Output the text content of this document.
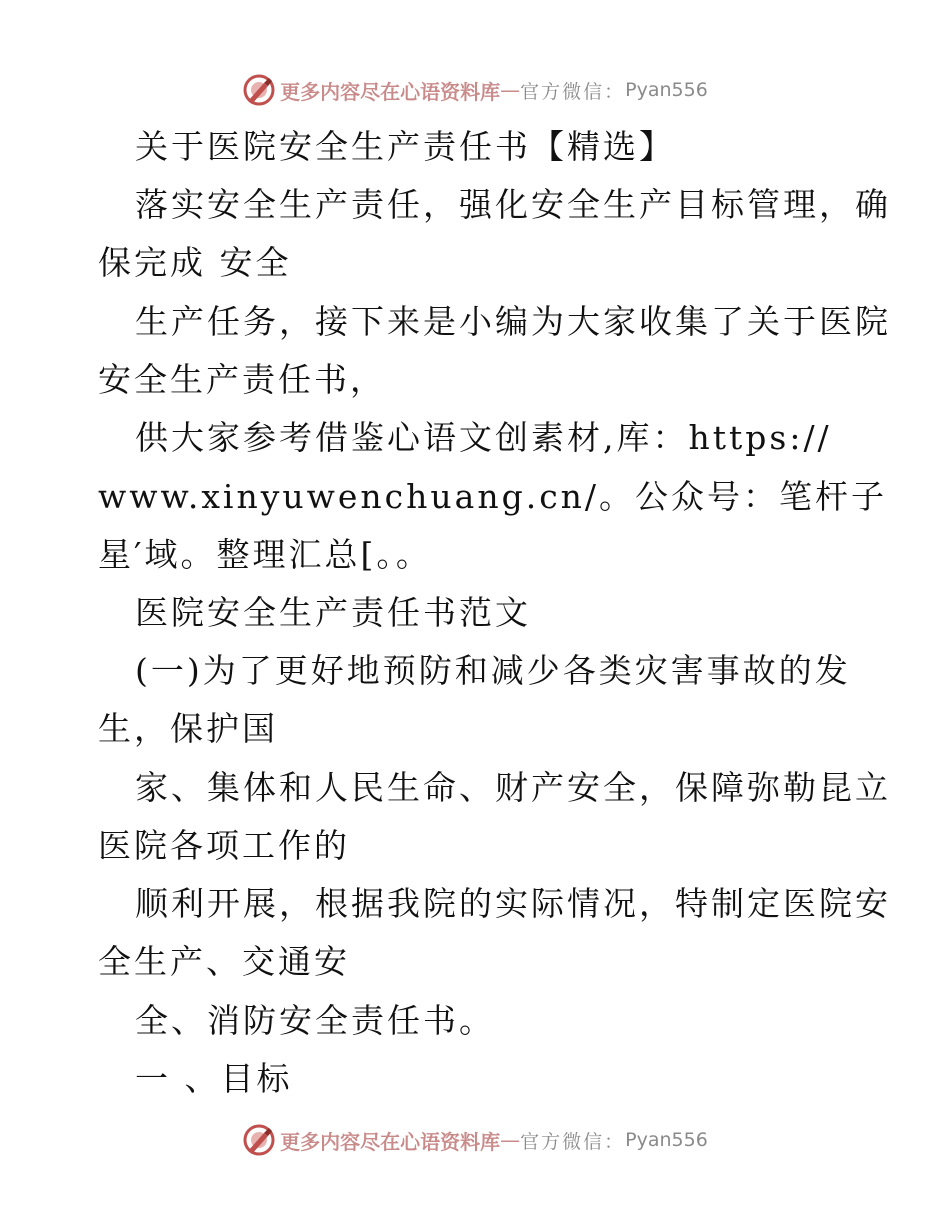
更多内容尽在心语资料库 — 官方微信： Pyan556
关于医院安全生产责任书【精选】
落实安全生产责任，强化安全生产目标管理，确
保完成 安全
生产任务，接下来是小编为大家收集了关于医院
安全生产责任书，
供大家参考借鉴心语文创素材,库：https://
www.xinyuwenchuang.cn/。公众号：笔杆子
星′域。整理汇总[。。
医院安全生产责任书范文
(一)为了更好地预防和减少各类灾害事故的发
生，保护国
家、集体和人民生命、财产安全，保障弥勒昆立
医院各项工作的
顺利开展，根据我院的实际情况，特制定医院安
全生产、交通安
全、消防安全责任书。
一 、目标
更多内容尽在心语资料库 — 官方微信： Pyan556
